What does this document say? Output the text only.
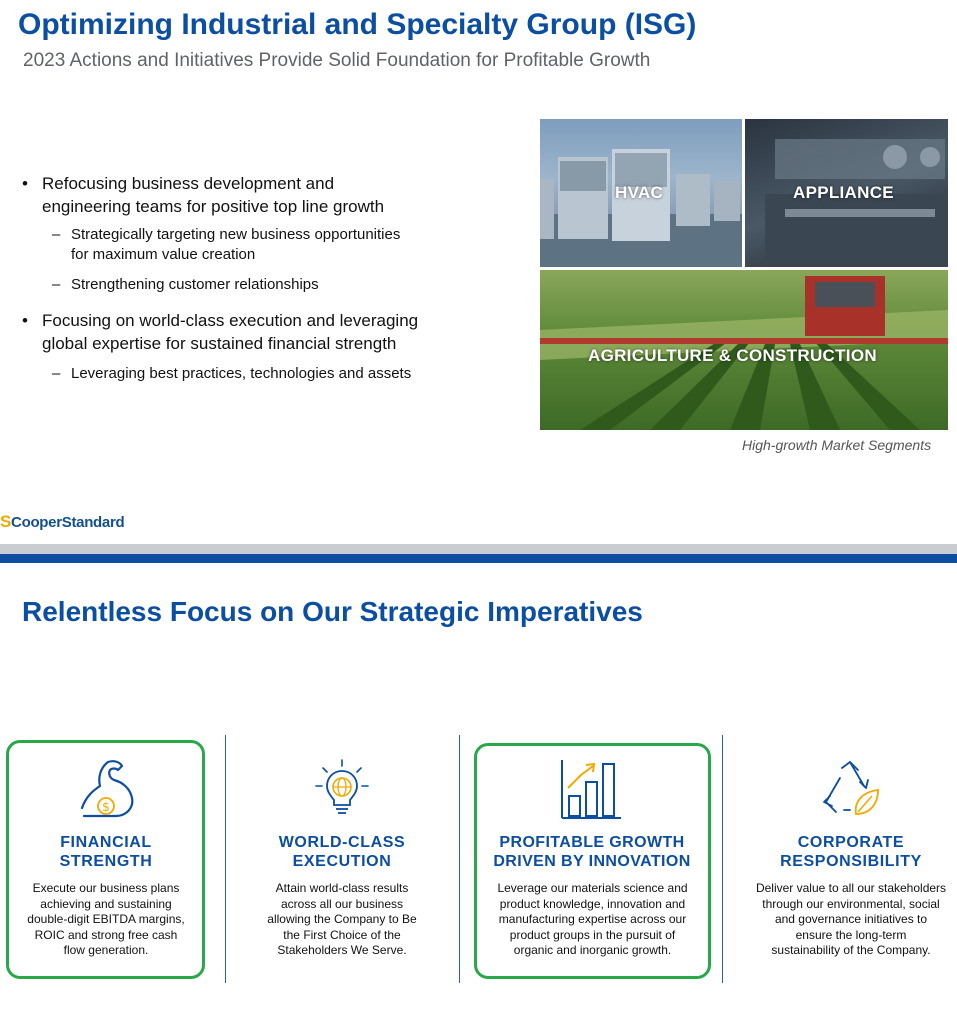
Optimizing Industrial and Specialty Group (ISG)
2023 Actions and Initiatives Provide Solid Foundation for Profitable Growth
• Refocusing business development and
engineering teams for positive top line growth
– Strategically targeting new business opportunities
for maximum value creation
– Strengthening customer relationships
• Focusing on world-class execution and leveraging
global expertise for sustained financial strength
– Leveraging best practices, technologies and assets
HVAC	APPLIANCE
AGRICULTURE & CONSTRUCTION
High-growth Market Segments
SCooperStandard
Relentless Focus on Our Strategic Imperatives
$
FINANCIAL
STRENGTH
Execute our business plans
achieving and sustaining
double-digit EBITDA margins,
ROIC and strong free cash
flow generation.
WORLD-CLASS
EXECUTION
Attain world-class results
across all our business
allowing the Company to Be
the First Choice of the
Stakeholders We Serve.
PROFITABLE GROWTH
DRIVEN BY INNOVATION
Leverage our materials science and
product knowledge, innovation and
manufacturing expertise across our
product groups in the pursuit of
organic and inorganic growth.
CORPORATE
RESPONSIBILITY
Deliver value to all our stakeholders
through our environmental, social
and governance initiatives to
ensure the long-term
sustainability of the Company.
